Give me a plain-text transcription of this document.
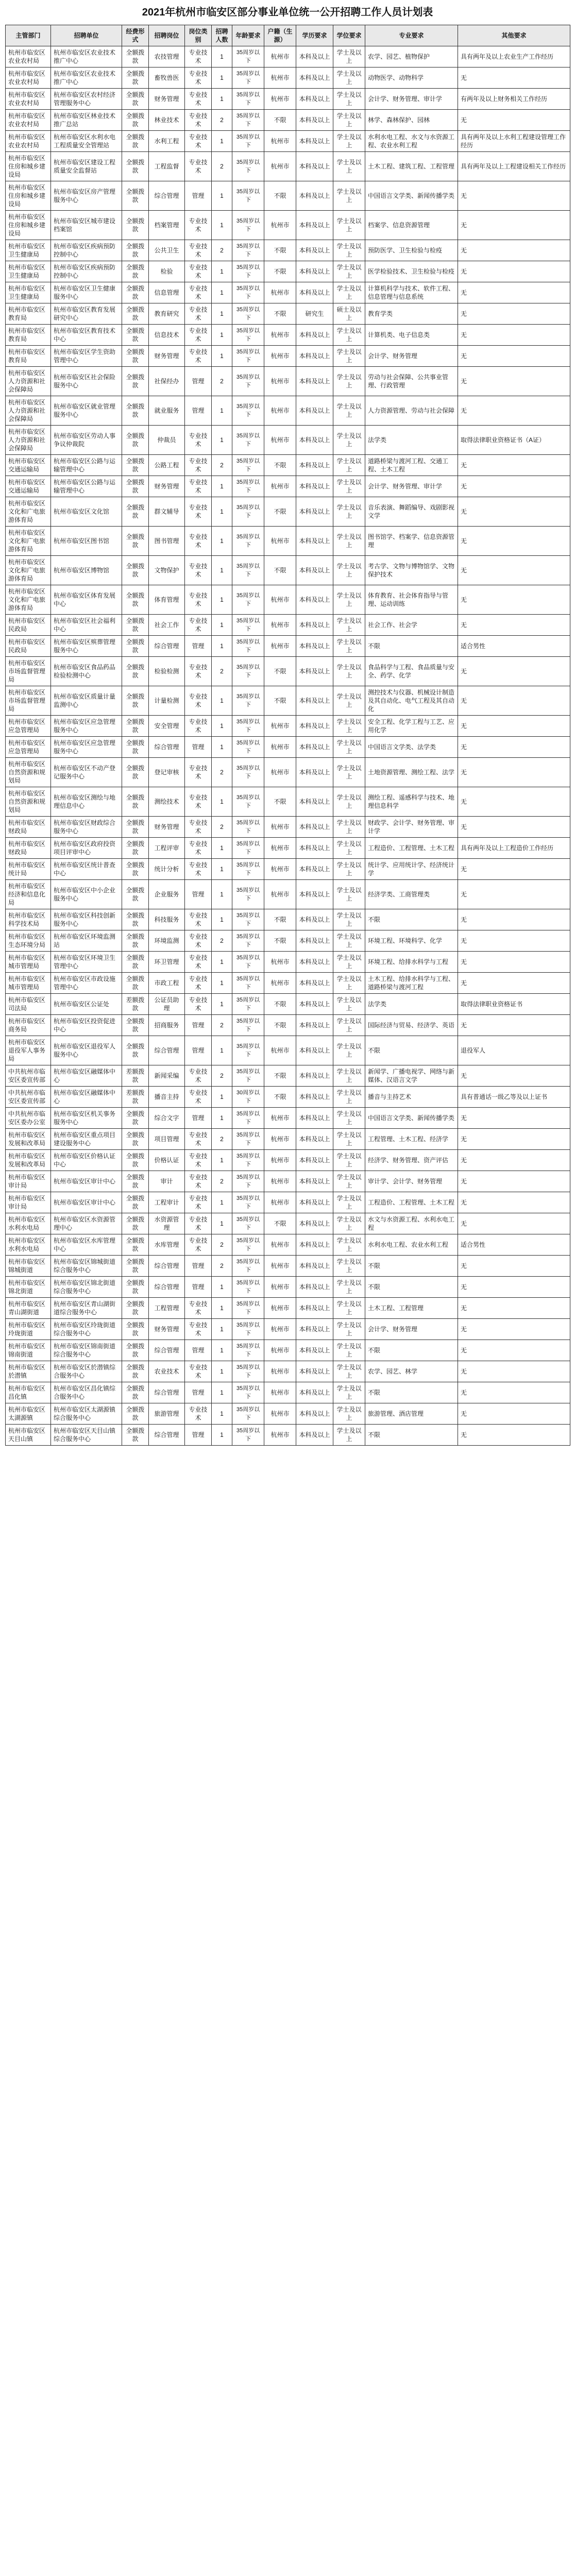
2021年杭州市临安区部分事业单位统一公开招聘工作人员计划表
主管部门	招聘单位	经费形式	招聘岗位	岗位类别	招聘人数	年龄要求	户籍（生源）	学历要求	学位要求	专业要求	其他要求
杭州市临安区农业农村局	杭州市临安区农业技术推广中心	全额拨款	农技管理	专业技术	1	35周岁以下	杭州市	本科及以上	学士及以上	农学、园艺、植物保护	具有两年及以上农业生产工作经历
杭州市临安区农业农村局	杭州市临安区农业技术推广中心	全额拨款	畜牧兽医	专业技术	1	35周岁以下	杭州市	本科及以上	学士及以上	动物医学、动物科学	无
杭州市临安区农业农村局	杭州市临安区农村经济管理服务中心	全额拨款	财务管理	专业技术	1	35周岁以下	杭州市	本科及以上	学士及以上	会计学、财务管理、审计学	有两年及以上财务相关工作经历
杭州市临安区农业农村局	杭州市临安区林业技术推广总站	全额拨款	林业技术	专业技术	2	35周岁以下	不限	本科及以上	学士及以上	林学、森林保护、园林	无
杭州市临安区农业农村局	杭州市临安区水利水电工程质量安全管理站	全额拨款	水利工程	专业技术	1	35周岁以下	杭州市	本科及以上	学士及以上	水利水电工程、水文与水资源工程、农业水利工程	具有两年及以上水利工程建设管理工作经历
杭州市临安区住房和城乡建设局	杭州市临安区建设工程质量安全监督站	全额拨款	工程监督	专业技术	2	35周岁以下	杭州市	本科及以上	学士及以上	土木工程、建筑工程、工程管理	具有两年及以上工程建设相关工作经历
杭州市临安区住房和城乡建设局	杭州市临安区房产管理服务中心	全额拨款	综合管理	管理	1	35周岁以下	不限	本科及以上	学士及以上	中国语言文学类、新闻传播学类	无
杭州市临安区住房和城乡建设局	杭州市临安区城市建设档案馆	全额拨款	档案管理	专业技术	1	35周岁以下	杭州市	本科及以上	学士及以上	档案学、信息资源管理	无
杭州市临安区卫生健康局	杭州市临安区疾病预防控制中心	全额拨款	公共卫生	专业技术	2	35周岁以下	不限	本科及以上	学士及以上	预防医学、卫生检验与检疫	无
杭州市临安区卫生健康局	杭州市临安区疾病预防控制中心	全额拨款	检验	专业技术	1	35周岁以下	不限	本科及以上	学士及以上	医学检验技术、卫生检验与检疫	无
杭州市临安区卫生健康局	杭州市临安区卫生健康服务中心	全额拨款	信息管理	专业技术	1	35周岁以下	杭州市	本科及以上	学士及以上	计算机科学与技术、软件工程、信息管理与信息系统	无
杭州市临安区教育局	杭州市临安区教育发展研究中心	全额拨款	教育研究	专业技术	1	35周岁以下	不限	研究生	硕士及以上	教育学类	无
杭州市临安区教育局	杭州市临安区教育技术中心	全额拨款	信息技术	专业技术	1	35周岁以下	杭州市	本科及以上	学士及以上	计算机类、电子信息类	无
杭州市临安区教育局	杭州市临安区学生资助管理中心	全额拨款	财务管理	专业技术	1	35周岁以下	杭州市	本科及以上	学士及以上	会计学、财务管理	无
杭州市临安区人力资源和社会保障局	杭州市临安区社会保险服务中心	全额拨款	社保经办	管理	2	35周岁以下	杭州市	本科及以上	学士及以上	劳动与社会保障、公共事业管理、行政管理	无
杭州市临安区人力资源和社会保障局	杭州市临安区就业管理服务中心	全额拨款	就业服务	管理	1	35周岁以下	杭州市	本科及以上	学士及以上	人力资源管理、劳动与社会保障	无
杭州市临安区人力资源和社会保障局	杭州市临安区劳动人事争议仲裁院	全额拨款	仲裁员	专业技术	1	35周岁以下	杭州市	本科及以上	学士及以上	法学类	取得法律职业资格证书（A证）
杭州市临安区交通运输局	杭州市临安区公路与运输管理中心	全额拨款	公路工程	专业技术	2	35周岁以下	不限	本科及以上	学士及以上	道路桥梁与渡河工程、交通工程、土木工程	无
杭州市临安区交通运输局	杭州市临安区公路与运输管理中心	全额拨款	财务管理	专业技术	1	35周岁以下	杭州市	本科及以上	学士及以上	会计学、财务管理、审计学	无
杭州市临安区文化和广电旅游体育局	杭州市临安区文化馆	全额拨款	群文辅导	专业技术	1	35周岁以下	不限	本科及以上	学士及以上	音乐表演、舞蹈编导、戏剧影视文学	无
杭州市临安区文化和广电旅游体育局	杭州市临安区图书馆	全额拨款	图书管理	专业技术	1	35周岁以下	杭州市	本科及以上	学士及以上	图书馆学、档案学、信息资源管理	无
杭州市临安区文化和广电旅游体育局	杭州市临安区博物馆	全额拨款	文物保护	专业技术	1	35周岁以下	不限	本科及以上	学士及以上	考古学、文物与博物馆学、文物保护技术	无
杭州市临安区文化和广电旅游体育局	杭州市临安区体育发展中心	全额拨款	体育管理	专业技术	1	35周岁以下	杭州市	本科及以上	学士及以上	体育教育、社会体育指导与管理、运动训练	无
杭州市临安区民政局	杭州市临安区社会福利中心	全额拨款	社会工作	专业技术	1	35周岁以下	杭州市	本科及以上	学士及以上	社会工作、社会学	无
杭州市临安区民政局	杭州市临安区殡葬管理服务中心	全额拨款	综合管理	管理	1	35周岁以下	杭州市	本科及以上	学士及以上	不限	适合男性
杭州市临安区市场监督管理局	杭州市临安区食品药品检验检测中心	全额拨款	检验检测	专业技术	2	35周岁以下	不限	本科及以上	学士及以上	食品科学与工程、食品质量与安全、药学、化学	无
杭州市临安区市场监督管理局	杭州市临安区质量计量监测中心	全额拨款	计量检测	专业技术	1	35周岁以下	不限	本科及以上	学士及以上	测控技术与仪器、机械设计制造及其自动化、电气工程及其自动化	无
杭州市临安区应急管理局	杭州市临安区应急管理服务中心	全额拨款	安全管理	专业技术	1	35周岁以下	杭州市	本科及以上	学士及以上	安全工程、化学工程与工艺、应用化学	无
杭州市临安区应急管理局	杭州市临安区应急管理服务中心	全额拨款	综合管理	管理	1	35周岁以下	杭州市	本科及以上	学士及以上	中国语言文学类、法学类	无
杭州市临安区自然资源和规划局	杭州市临安区不动产登记服务中心	全额拨款	登记审核	专业技术	2	35周岁以下	杭州市	本科及以上	学士及以上	土地资源管理、测绘工程、法学	无
杭州市临安区自然资源和规划局	杭州市临安区测绘与地理信息中心	全额拨款	测绘技术	专业技术	1	35周岁以下	不限	本科及以上	学士及以上	测绘工程、遥感科学与技术、地理信息科学	无
杭州市临安区财政局	杭州市临安区财政综合服务中心	全额拨款	财务管理	专业技术	2	35周岁以下	杭州市	本科及以上	学士及以上	财政学、会计学、财务管理、审计学	无
杭州市临安区财政局	杭州市临安区政府投资项目评审中心	全额拨款	工程评审	专业技术	1	35周岁以下	杭州市	本科及以上	学士及以上	工程造价、工程管理、土木工程	具有两年及以上工程造价工作经历
杭州市临安区统计局	杭州市临安区统计普查中心	全额拨款	统计分析	专业技术	1	35周岁以下	杭州市	本科及以上	学士及以上	统计学、应用统计学、经济统计学	无
杭州市临安区经济和信息化局	杭州市临安区中小企业服务中心	全额拨款	企业服务	管理	1	35周岁以下	杭州市	本科及以上	学士及以上	经济学类、工商管理类	无
杭州市临安区科学技术局	杭州市临安区科技创新服务中心	全额拨款	科技服务	专业技术	1	35周岁以下	不限	本科及以上	学士及以上	不限	无
杭州市临安区生态环境分局	杭州市临安区环境监测站	全额拨款	环境监测	专业技术	2	35周岁以下	不限	本科及以上	学士及以上	环境工程、环境科学、化学	无
杭州市临安区城市管理局	杭州市临安区环境卫生管理中心	全额拨款	环卫管理	专业技术	1	35周岁以下	杭州市	本科及以上	学士及以上	环境工程、给排水科学与工程	无
杭州市临安区城市管理局	杭州市临安区市政设施管理中心	全额拨款	市政工程	专业技术	1	35周岁以下	杭州市	本科及以上	学士及以上	土木工程、给排水科学与工程、道路桥梁与渡河工程	无
杭州市临安区司法局	杭州市临安区公证处	差额拨款	公证员助理	专业技术	1	35周岁以下	不限	本科及以上	学士及以上	法学类	取得法律职业资格证书
杭州市临安区商务局	杭州市临安区投资促进中心	全额拨款	招商服务	管理	2	35周岁以下	不限	本科及以上	学士及以上	国际经济与贸易、经济学、英语	无
杭州市临安区退役军人事务局	杭州市临安区退役军人服务中心	全额拨款	综合管理	管理	1	35周岁以下	杭州市	本科及以上	学士及以上	不限	退役军人
中共杭州市临安区委宣传部	杭州市临安区融媒体中心	差额拨款	新闻采编	专业技术	2	35周岁以下	不限	本科及以上	学士及以上	新闻学、广播电视学、网络与新媒体、汉语言文学	无
中共杭州市临安区委宣传部	杭州市临安区融媒体中心	差额拨款	播音主持	专业技术	1	30周岁以下	不限	本科及以上	学士及以上	播音与主持艺术	具有普通话一级乙等及以上证书
中共杭州市临安区委办公室	杭州市临安区机关事务服务中心	全额拨款	综合文字	管理	1	35周岁以下	杭州市	本科及以上	学士及以上	中国语言文学类、新闻传播学类	无
杭州市临安区发展和改革局	杭州市临安区重点项目建设服务中心	全额拨款	项目管理	专业技术	2	35周岁以下	杭州市	本科及以上	学士及以上	工程管理、土木工程、经济学	无
杭州市临安区发展和改革局	杭州市临安区价格认证中心	全额拨款	价格认证	专业技术	1	35周岁以下	杭州市	本科及以上	学士及以上	经济学、财务管理、资产评估	无
杭州市临安区审计局	杭州市临安区审计中心	全额拨款	审计	专业技术	2	35周岁以下	杭州市	本科及以上	学士及以上	审计学、会计学、财务管理	无
杭州市临安区审计局	杭州市临安区审计中心	全额拨款	工程审计	专业技术	1	35周岁以下	杭州市	本科及以上	学士及以上	工程造价、工程管理、土木工程	无
杭州市临安区水利水电局	杭州市临安区水资源管理中心	全额拨款	水资源管理	专业技术	1	35周岁以下	不限	本科及以上	学士及以上	水文与水资源工程、水利水电工程	无
杭州市临安区水利水电局	杭州市临安区水库管理中心	全额拨款	水库管理	专业技术	2	35周岁以下	杭州市	本科及以上	学士及以上	水利水电工程、农业水利工程	适合男性
杭州市临安区锦城街道	杭州市临安区锦城街道综合服务中心	全额拨款	综合管理	管理	2	35周岁以下	杭州市	本科及以上	学士及以上	不限	无
杭州市临安区锦北街道	杭州市临安区锦北街道综合服务中心	全额拨款	综合管理	管理	1	35周岁以下	杭州市	本科及以上	学士及以上	不限	无
杭州市临安区青山湖街道	杭州市临安区青山湖街道综合服务中心	全额拨款	工程管理	专业技术	1	35周岁以下	杭州市	本科及以上	学士及以上	土木工程、工程管理	无
杭州市临安区玲珑街道	杭州市临安区玲珑街道综合服务中心	全额拨款	财务管理	专业技术	1	35周岁以下	杭州市	本科及以上	学士及以上	会计学、财务管理	无
杭州市临安区锦南街道	杭州市临安区锦南街道综合服务中心	全额拨款	综合管理	管理	1	35周岁以下	杭州市	本科及以上	学士及以上	不限	无
杭州市临安区於潜镇	杭州市临安区於潜镇综合服务中心	全额拨款	农业技术	专业技术	1	35周岁以下	杭州市	本科及以上	学士及以上	农学、园艺、林学	无
杭州市临安区昌化镇	杭州市临安区昌化镇综合服务中心	全额拨款	综合管理	管理	1	35周岁以下	杭州市	本科及以上	学士及以上	不限	无
杭州市临安区太湖源镇	杭州市临安区太湖源镇综合服务中心	全额拨款	旅游管理	专业技术	1	35周岁以下	杭州市	本科及以上	学士及以上	旅游管理、酒店管理	无
杭州市临安区天目山镇	杭州市临安区天目山镇综合服务中心	全额拨款	综合管理	管理	1	35周岁以下	杭州市	本科及以上	学士及以上	不限	无
